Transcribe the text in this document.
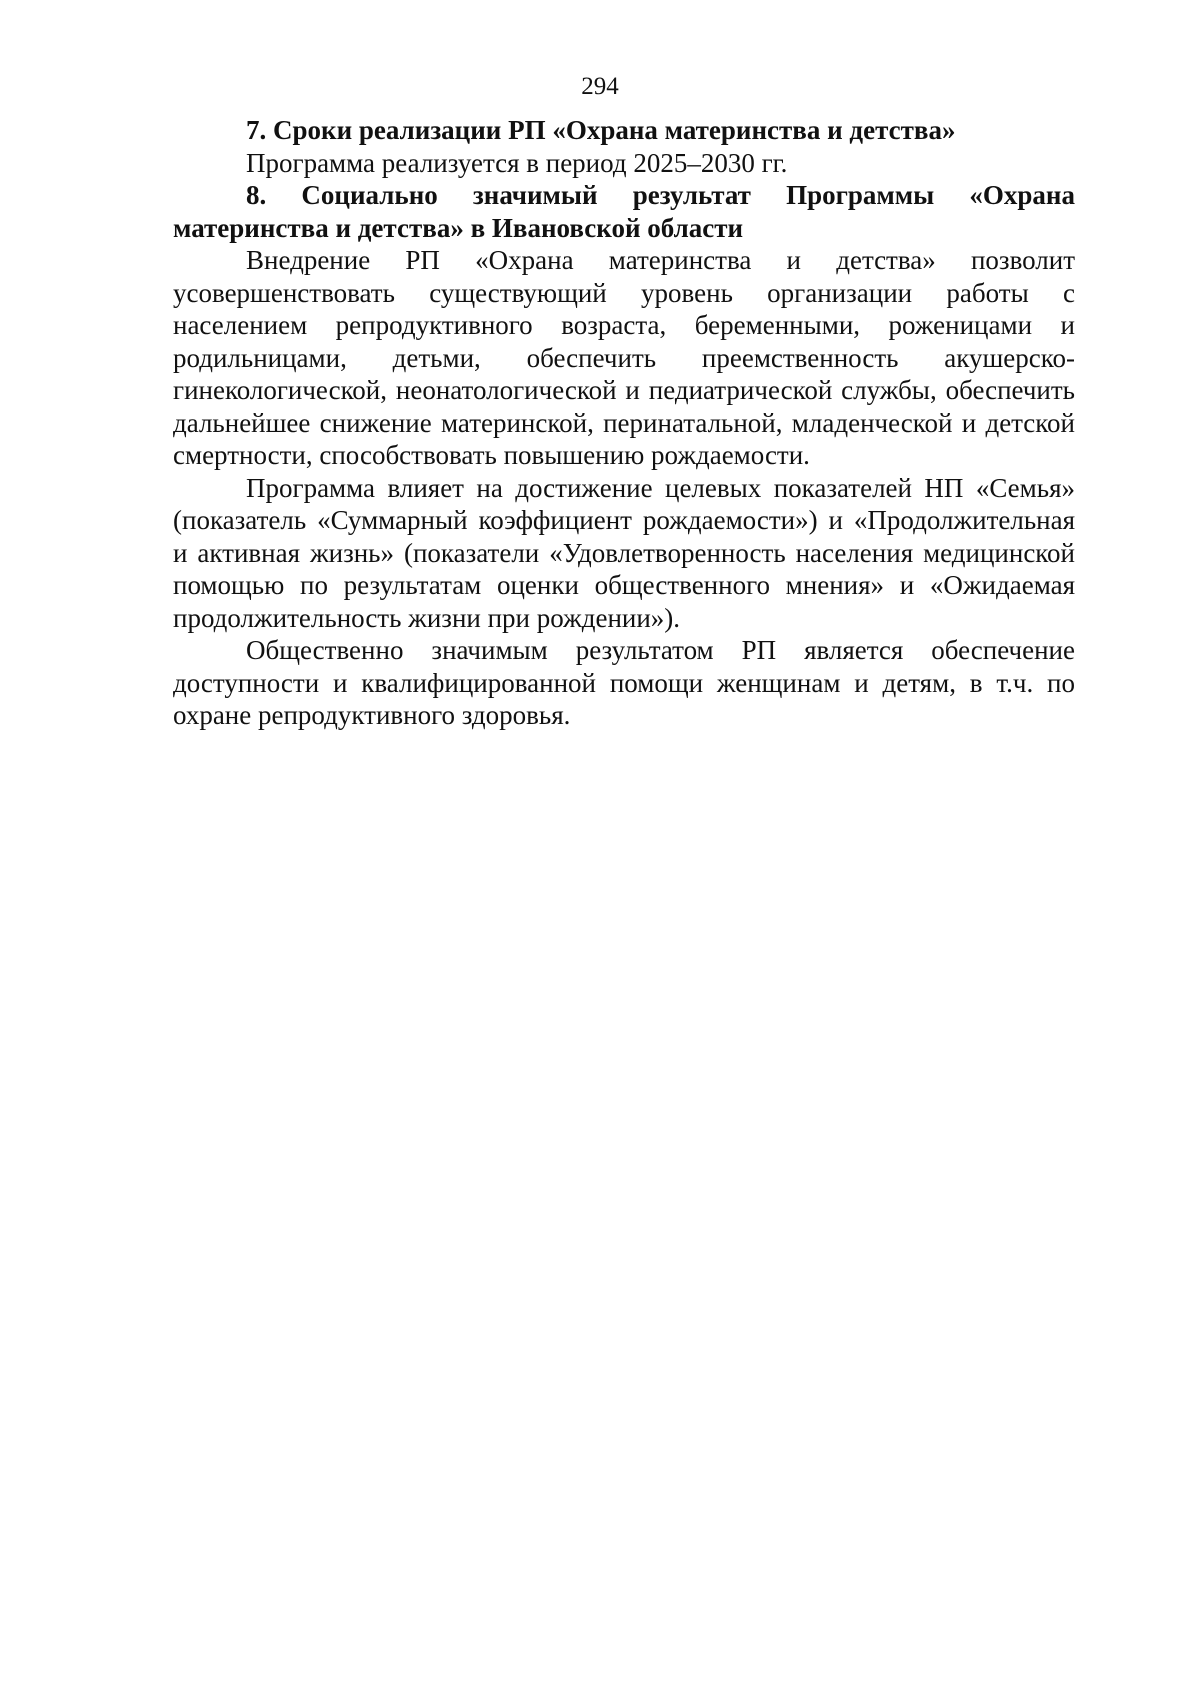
294

7. Сроки реализации РП «Охрана материнства и детства»

Программа реализуется в период 2025–2030 гг.

8. Социально значимый результат Программы «Охрана материнства и детства» в Ивановской области

Внедрение РП «Охрана материнства и детства» позволит усовершенствовать существующий уровень организации работы с населением репродуктивного возраста, беременными, роженицами и родильницами, детьми, обеспечить преемственность акушерско-гинекологической, неонатологической и педиатрической службы, обеспечить дальнейшее снижение материнской, перинатальной, младенческой и детской смертности, способствовать повышению рождаемости.

Программа влияет на достижение целевых показателей НП «Семья» (показатель «Суммарный коэффициент рождаемости») и «Продолжительная и активная жизнь» (показатели «Удовлетворенность населения медицинской помощью по результатам оценки общественного мнения» и «Ожидаемая продолжительность жизни при рождении»).

Общественно значимым результатом РП является обеспечение доступности и квалифицированной помощи женщинам и детям, в т.ч. по охране репродуктивного здоровья.
